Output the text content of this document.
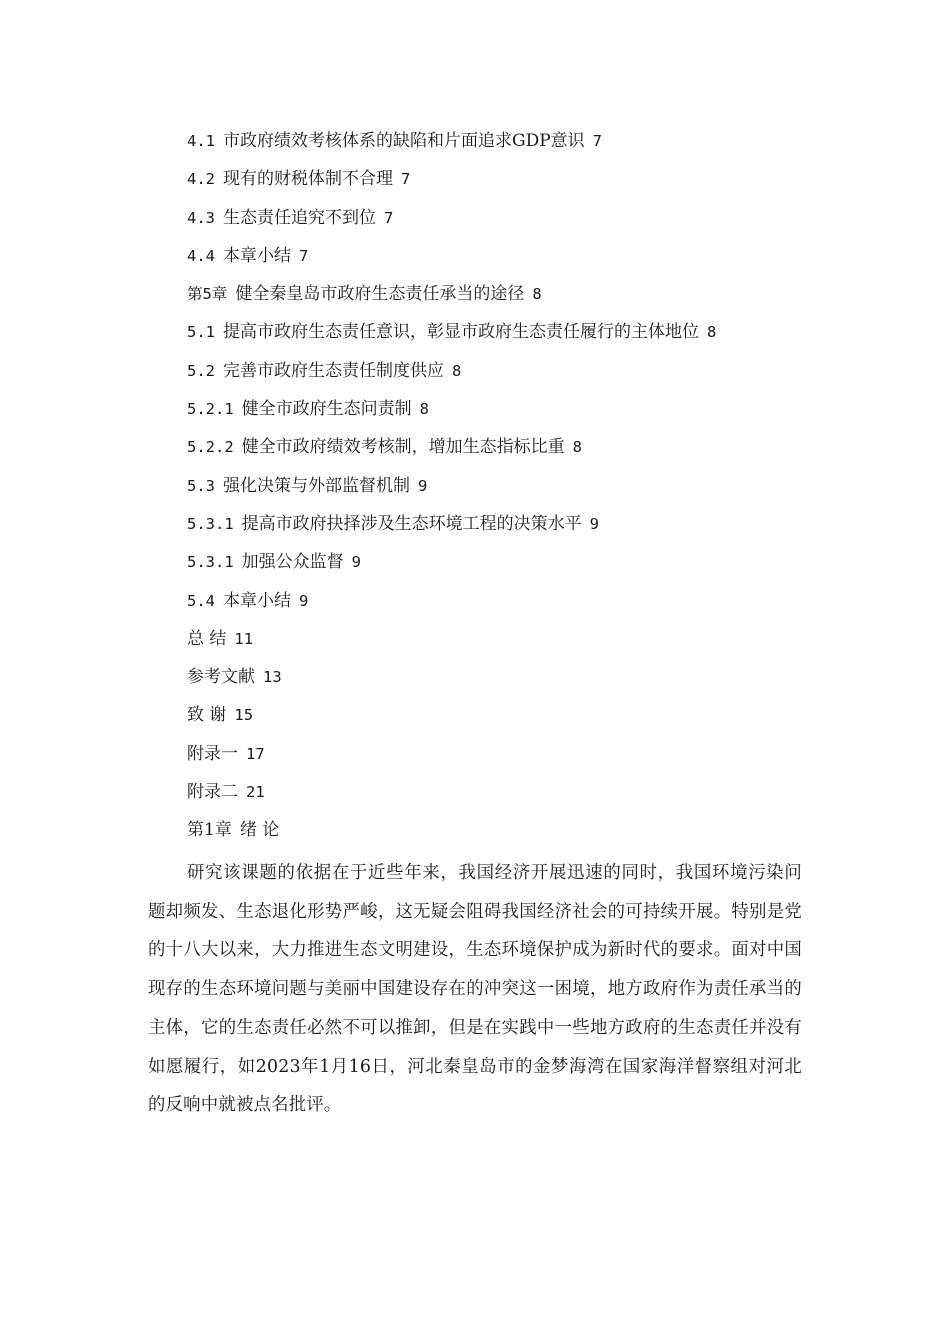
4.1 市政府绩效考核体系的缺陷和片面追求GDP意识 7
4.2 现有的财税体制不合理 7
4.3 生态责任追究不到位 7
4.4 本章小结 7
第5章 健全秦皇岛市政府生态责任承当的途径 8
5.1 提高市政府生态责任意识，彰显市政府生态责任履行的主体地位 8
5.2 完善市政府生态责任制度供应 8
5.2.1 健全市政府生态问责制 8
5.2.2 健全市政府绩效考核制，增加生态指标比重 8
5.3 强化决策与外部监督机制 9
5.3.1 提高市政府抉择涉及生态环境工程的决策水平 9
5.3.1 加强公众监督 9
5.4 本章小结 9
总 结 11
参考文献 13
致 谢 15
附录一 17
附录二 21
第1章 绪 论

研究该课题的依据在于近些年来，我国经济开展迅速的同时，我国环境污染问题却频发、生态退化形势严峻，这无疑会阻碍我国经济社会的可持续开展。特别是党的十八大以来，大力推进生态文明建设，生态环境保护成为新时代的要求。面对中国现存的生态环境问题与美丽中国建设存在的冲突这一困境，地方政府作为责任承当的主体，它的生态责任必然不可以推卸，但是在实践中一些地方政府的生态责任并没有如愿履行，如2023年1月16日，河北秦皇岛市的金梦海湾在国家海洋督察组对河北的反响中就被点名批评。
